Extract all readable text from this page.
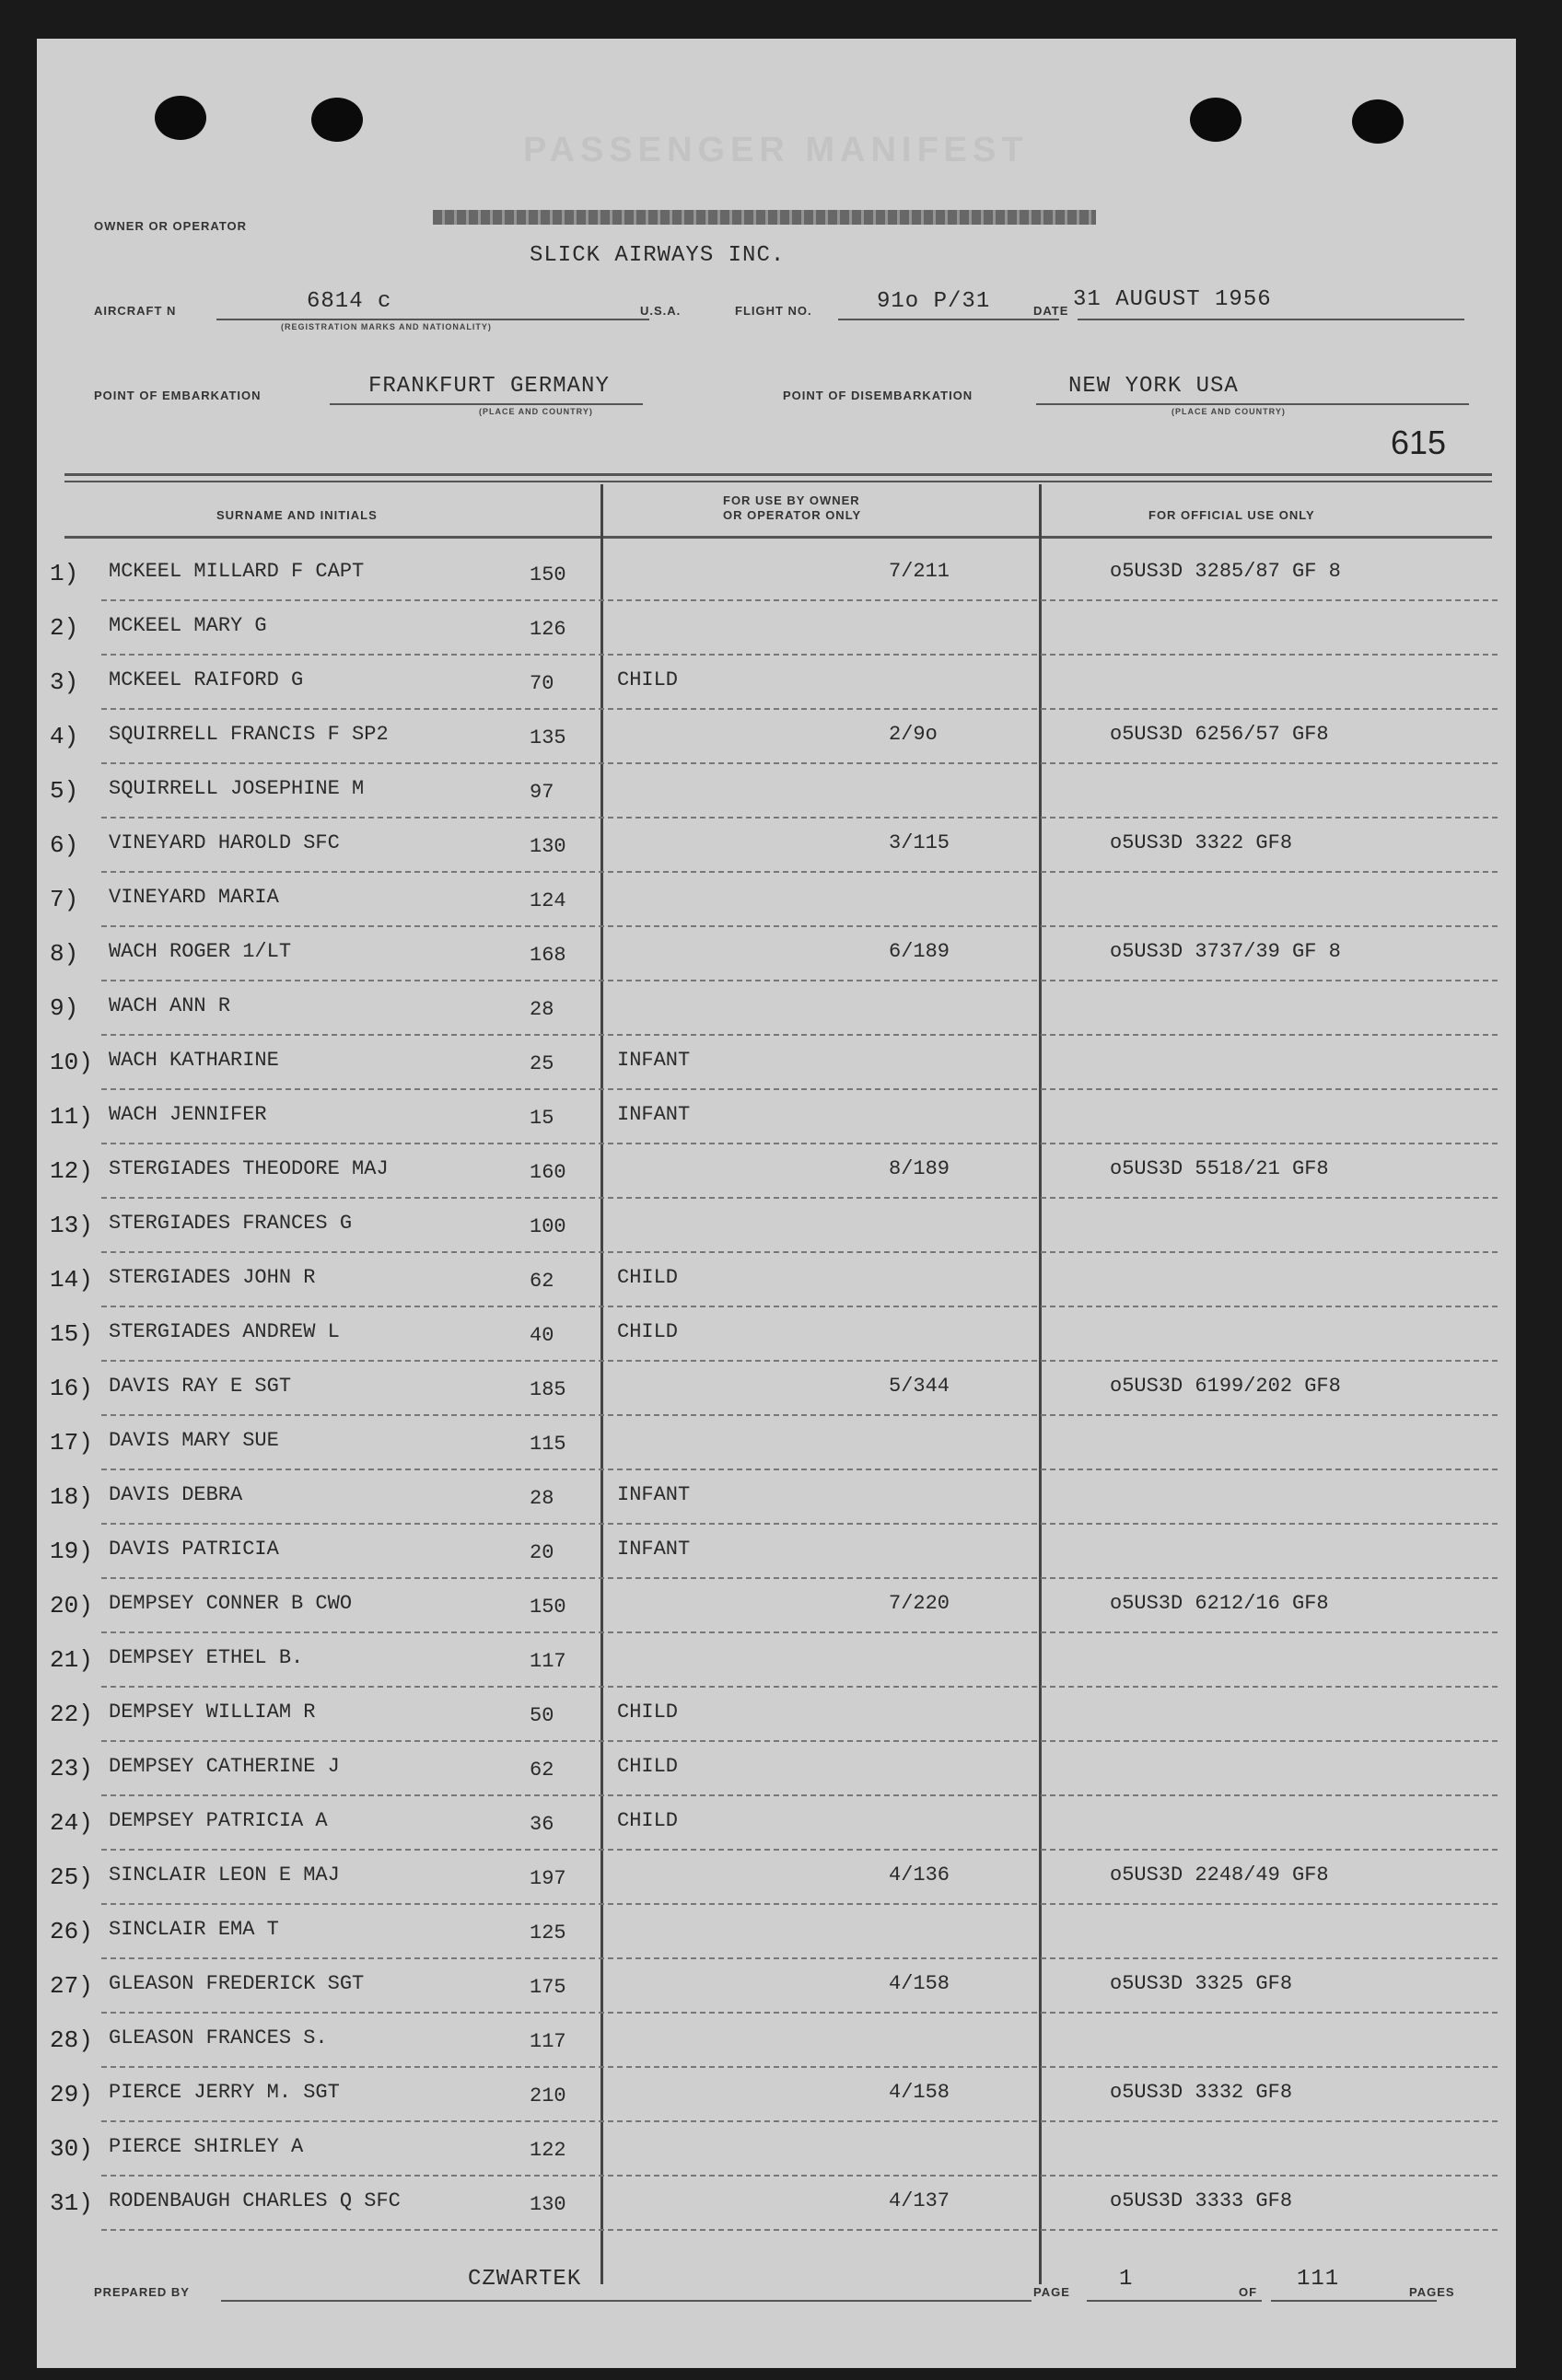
PASSENGER MANIFEST
OWNER OR OPERATOR
SLICK AIRWAYS INC.
AIRCRAFT N	6814 c
(REGISTRATION MARKS AND NATIONALITY)
U.S.A.	FLIGHT NO.	91o P/31	DATE 31 AUGUST 1956
POINT OF EMBARKATION	FRANKFURT GERMANY
(PLACE AND COUNTRY)
POINT OF DISEMBARKATION	NEW YORK USA
(PLACE AND COUNTRY)
615
SURNAME AND INITIALS
FOR USE BY OWNER
OR OPERATOR ONLY	FOR OFFICIAL USE ONLY
1) MCKEEL MILLARD F CAPT	150	7/211	o5US3D 3285/87 GF 8
2) MCKEEL MARY G	126
3) MCKEEL RAIFORD G	70	CHILD
4) SQUIRRELL FRANCIS F SP2	135	2/9o	o5US3D 6256/57 GF8
5) SQUIRRELL JOSEPHINE M	97
6) VINEYARD HAROLD SFC	130	3/115	o5US3D 3322 GF8
7) VINEYARD MARIA	124
8) WACH ROGER 1/LT	168	6/189	o5US3D 3737/39 GF 8
9) WACH ANN R	28
10) WACH KATHARINE	25	INFANT
11) WACH JENNIFER	15	INFANT
12) STERGIADES THEODORE MAJ	160	8/189	o5US3D 5518/21 GF8
13) STERGIADES FRANCES G	100
14) STERGIADES JOHN R	62	CHILD
15) STERGIADES ANDREW L	40	CHILD
16) DAVIS RAY E SGT	185	5/344	o5US3D 6199/202 GF8
17) DAVIS MARY SUE	115
18) DAVIS DEBRA	28	INFANT
19) DAVIS PATRICIA	20	INFANT
20) DEMPSEY CONNER B CWO	150	7/220	o5US3D 6212/16 GF8
21) DEMPSEY ETHEL B.	117
22) DEMPSEY WILLIAM R	50	CHILD
23) DEMPSEY CATHERINE J	62	CHILD
24) DEMPSEY PATRICIA A	36	CHILD
25) SINCLAIR LEON E MAJ	197	4/136	o5US3D 2248/49 GF8
26) SINCLAIR EMA T	125
27) GLEASON FREDERICK SGT	175	4/158	o5US3D 3325 GF8
28) GLEASON FRANCES S.	117
29) PIERCE JERRY M. SGT	210	4/158	o5US3D 3332 GF8
30) PIERCE SHIRLEY A	122
31) RODENBAUGH CHARLES Q SFC	130	4/137	o5US3D 3333 GF8
PREPARED BY
CZWARTEK
PAGE
1
OF
111
PAGES
